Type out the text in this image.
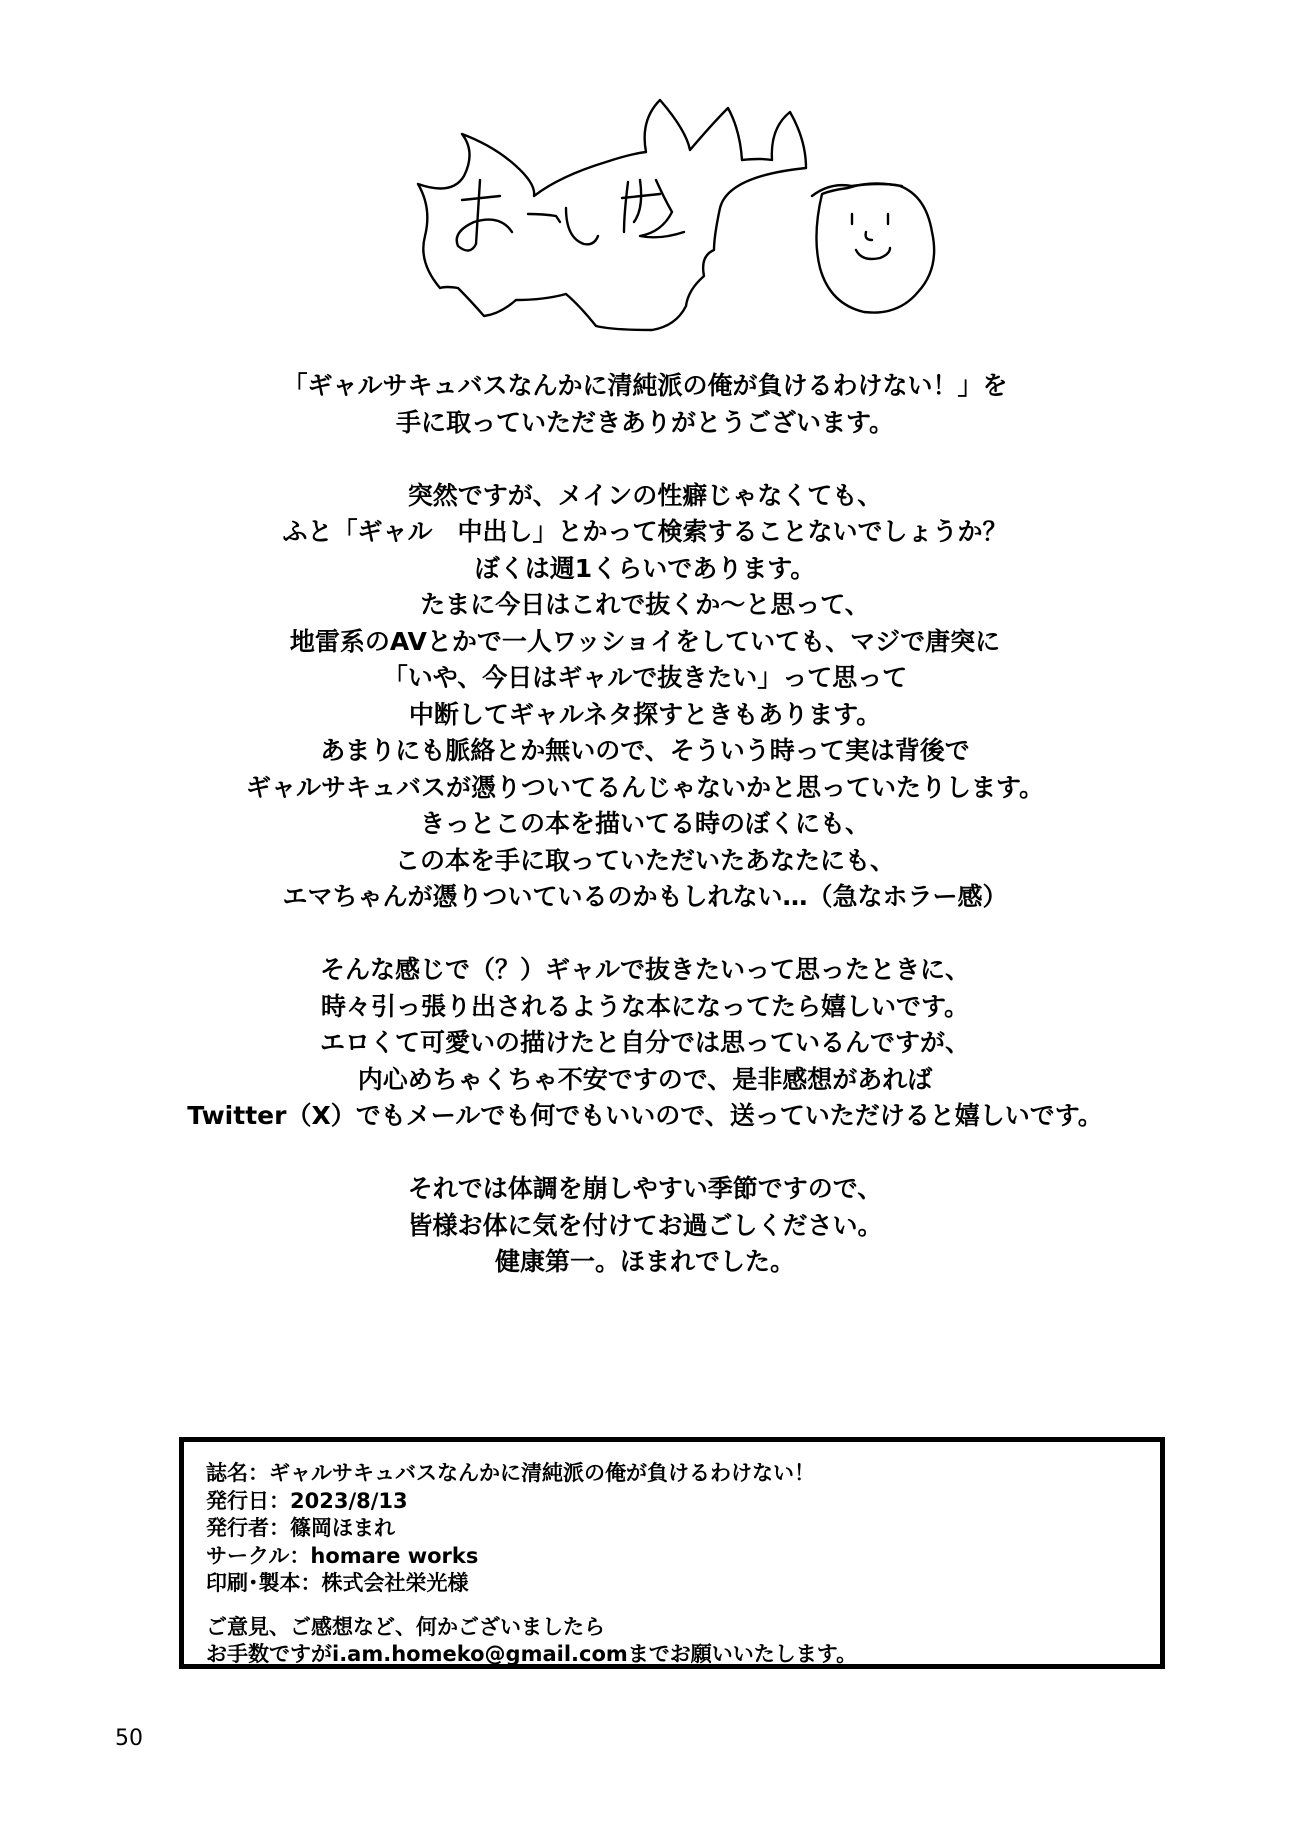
「ギャルサキュバスなんかに清純派の俺が負けるわけない！」を
手に取っていただきありがとうございます。
突然ですが、メインの性癖じゃなくても、
ふと「ギャル　中出し」とかって検索することないでしょうか？
ぼくは週1くらいであります。
たまに今日はこれで抜くか〜と思って、
地雷系のAVとかで一人ワッショイをしていても、マジで唐突に
「いや、今日はギャルで抜きたい」って思って
中断してギャルネタ探すときもあります。
あまりにも脈絡とか無いので、そういう時って実は背後で
ギャルサキュバスが憑りついてるんじゃないかと思っていたりします。
きっとこの本を描いてる時のぼくにも、
この本を手に取っていただいたあなたにも、
エマちゃんが憑りついているのかもしれない…（急なホラー感）
そんな感じで（？）ギャルで抜きたいって思ったときに、
時々引っ張り出されるような本になってたら嬉しいです。
エロくて可愛いの描けたと自分では思っているんですが、
内心めちゃくちゃ不安ですので、是非感想があれば
Twitter（X）でもメールでも何でもいいので、送っていただけると嬉しいです。
それでは体調を崩しやすい季節ですので、
皆様お体に気を付けてお過ごしください。
健康第一。ほまれでした。
誌名：ギャルサキュバスなんかに清純派の俺が負けるわけない！
発行日：2023/8/13
発行者：篠岡ほまれ
サークル：homare works
印刷･製本：株式会社栄光様
ご意見、ご感想など、何かございましたら
お手数ですがi.am.homeko@gmail.comまでお願いいたします。
50
